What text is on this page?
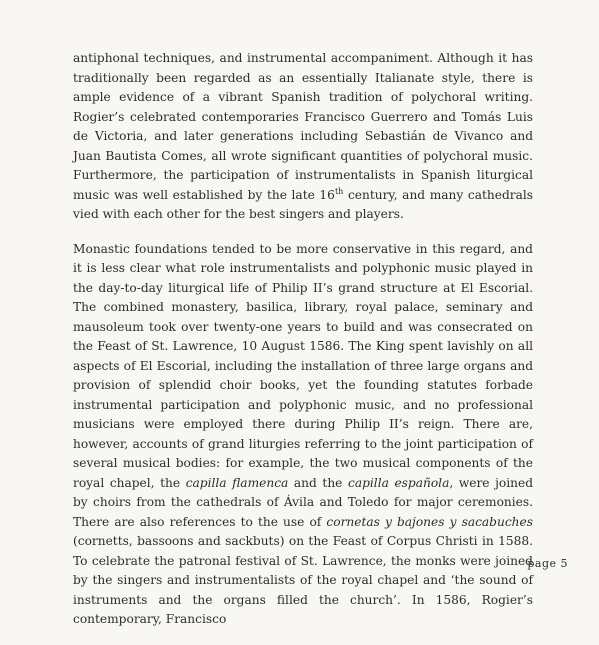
antiphonal techniques, and instrumental accompaniment. Although it has traditionally been regarded as an essentially Italianate style, there is ample evidence of a vibrant Spanish tradition of polychoral writing. Rogier’s celebrated contemporaries Francisco Guerrero and Tomás Luis de Victoria, and later generations including Sebastián de Vivanco and Juan Bautista Comes, all wrote significant quantities of polychoral music. Furthermore, the participation of instrumentalists in Spanish liturgical music was well established by the late 16th century, and many cathedrals vied with each other for the best singers and players.

Monastic foundations tended to be more conservative in this regard, and it is less clear what role instrumentalists and polyphonic music played in the day-to-day liturgical life of Philip II’s grand structure at El Escorial. The combined monastery, basilica, library, royal palace, seminary and mausoleum took over twenty-one years to build and was consecrated on the Feast of St. Lawrence, 10 August 1586. The King spent lavishly on all aspects of El Escorial, including the installation of three large organs and provision of splendid choir books, yet the founding statutes forbade instrumental participation and polyphonic music, and no professional musicians were employed there during Philip II’s reign. There are, however, accounts of grand liturgies referring to the joint participation of several musical bodies: for example, the two musical components of the royal chapel, the capilla flamenca and the capilla española, were joined by choirs from the cathedrals of Ávila and Toledo for major ceremonies. There are also references to the use of cornetas y bajones y sacabuches (cornetts, bassoons and sackbuts) on the Feast of Corpus Christi in 1588. To celebrate the patronal festival of St. Lawrence, the monks were joined by the singers and instrumentalists of the royal chapel and ‘the sound of instruments and the organs filled the church’. In 1586, Rogier’s contemporary, Francisco

page 5
